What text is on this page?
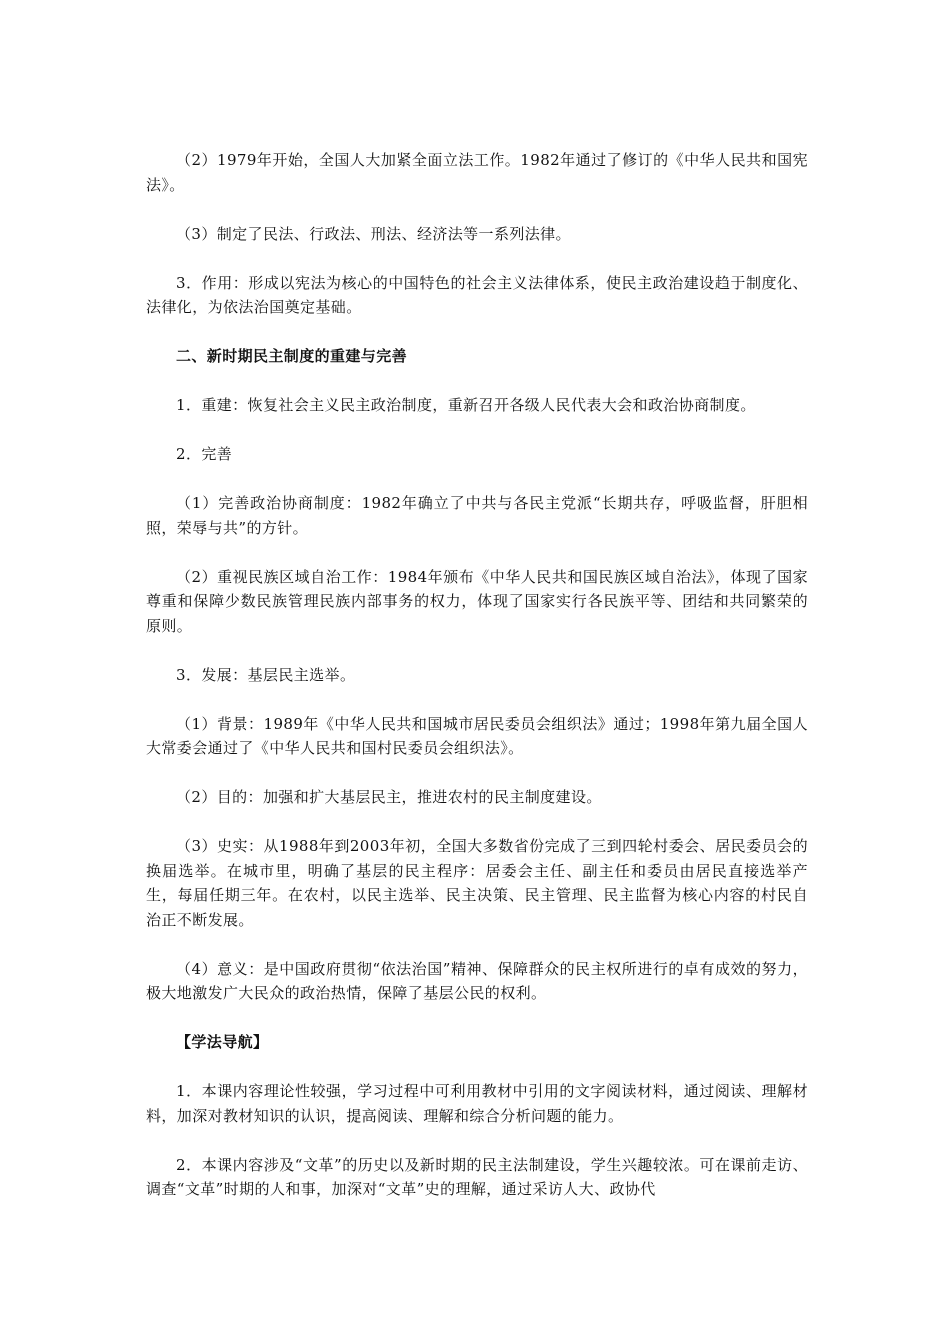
（2）1979年开始，全国人大加紧全面立法工作。1982年通过了修订的《中华人民共和国宪法》。

（3）制定了民法、行政法、刑法、经济法等一系列法律。

3．作用：形成以宪法为核心的中国特色的社会主义法律体系，使民主政治建设趋于制度化、法律化，为依法治国奠定基础。

二、新时期民主制度的重建与完善

1．重建：恢复社会主义民主政治制度，重新召开各级人民代表大会和政治协商制度。

2．完善

（1）完善政治协商制度：1982年确立了中共与各民主党派“长期共存，呼吸监督，肝胆相照，荣辱与共”的方针。

（2）重视民族区域自治工作：1984年颁布《中华人民共和国民族区域自治法》，体现了国家尊重和保障少数民族管理民族内部事务的权力，体现了国家实行各民族平等、团结和共同繁荣的原则。

3．发展：基层民主选举。

（1）背景：1989年《中华人民共和国城市居民委员会组织法》通过；1998年第九届全国人大常委会通过了《中华人民共和国村民委员会组织法》。

（2）目的：加强和扩大基层民主，推进农村的民主制度建设。

（3）史实：从1988年到2003年初，全国大多数省份完成了三到四轮村委会、居民委员会的换届选举。在城市里，明确了基层的民主程序：居委会主任、副主任和委员由居民直接选举产生，每届任期三年。在农村，以民主选举、民主决策、民主管理、民主监督为核心内容的村民自治正不断发展。

（4）意义：是中国政府贯彻“依法治国”精神、保障群众的民主权所进行的卓有成效的努力，极大地激发广大民众的政治热情，保障了基层公民的权利。

【学法导航】

1．本课内容理论性较强，学习过程中可利用教材中引用的文字阅读材料，通过阅读、理解材料，加深对教材知识的认识，提高阅读、理解和综合分析问题的能力。

2．本课内容涉及“文革”的历史以及新时期的民主法制建设，学生兴趣较浓。可在课前走访、调查“文革”时期的人和事，加深对“文革”史的理解，通过采访人大、政协代
